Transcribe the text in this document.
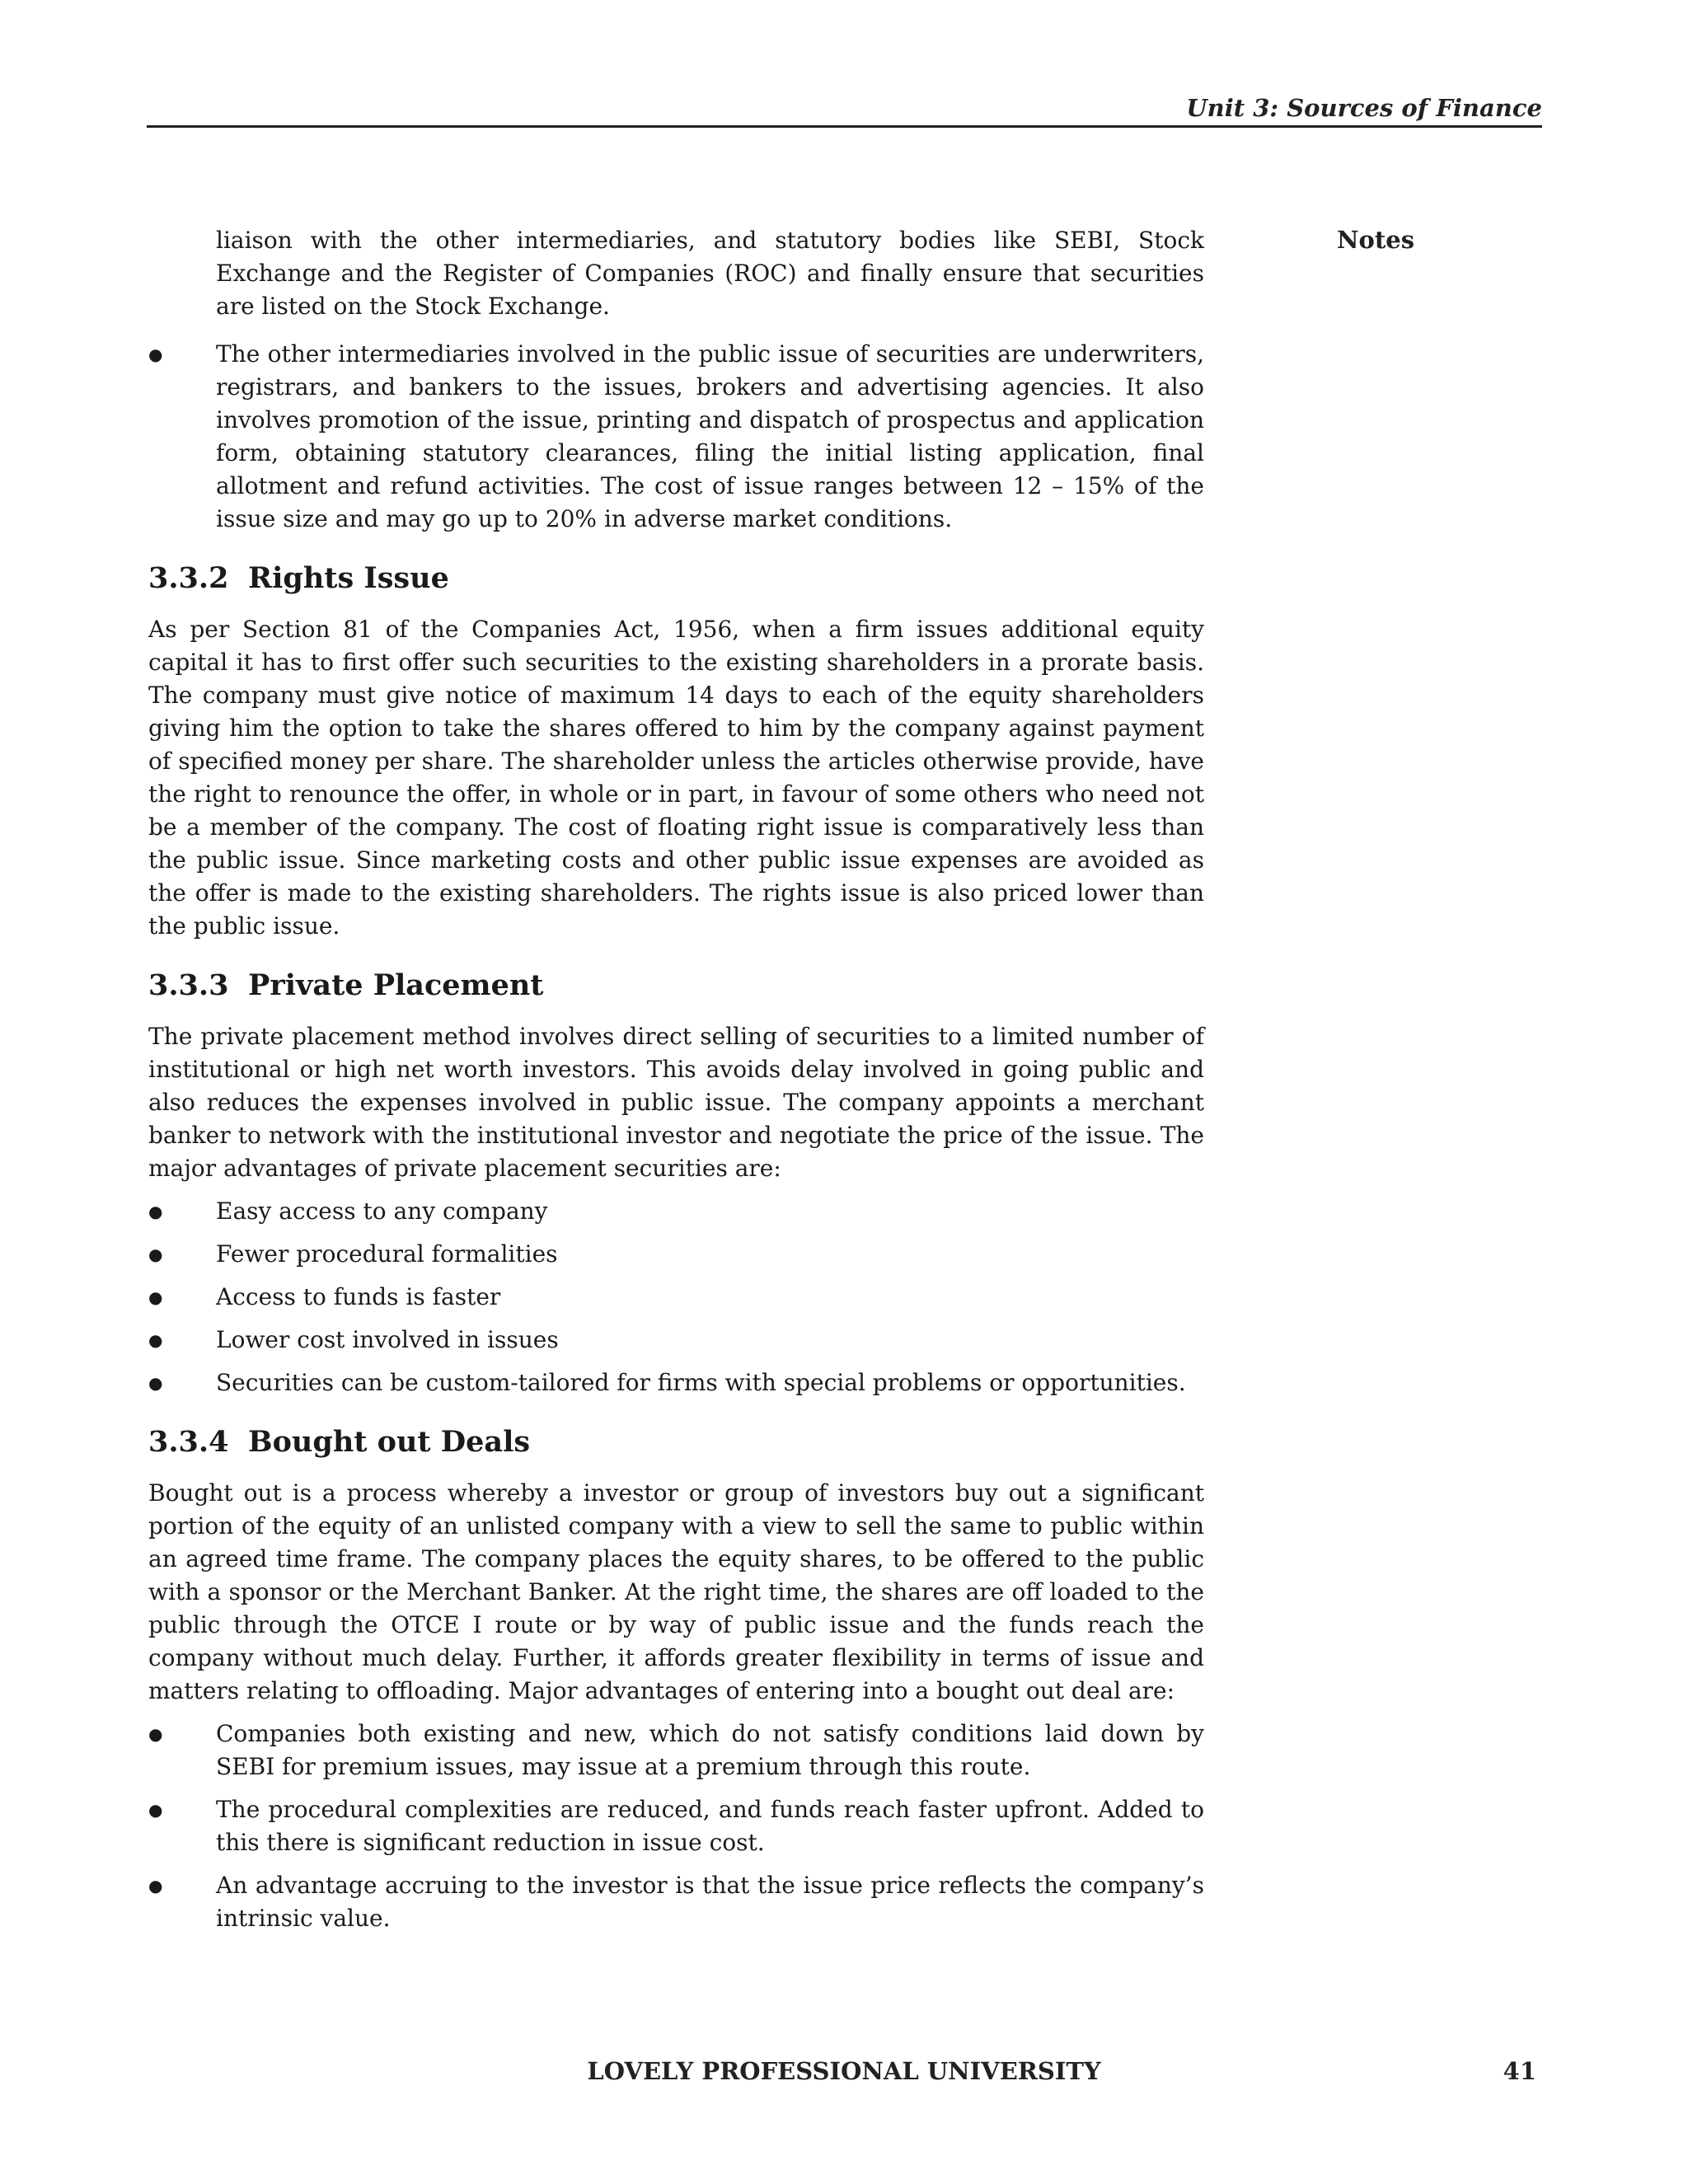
Unit 3: Sources of Finance
Notes

liaison with the other intermediaries, and statutory bodies like SEBI, Stock Exchange and the Register of Companies (ROC) and finally ensure that securities are listed on the Stock Exchange.

● The other intermediaries involved in the public issue of securities are underwriters, registrars, and bankers to the issues, brokers and advertising agencies. It also involves promotion of the issue, printing and dispatch of prospectus and application form, obtaining statutory clearances, filing the initial listing application, final allotment and refund activities. The cost of issue ranges between 12 – 15% of the issue size and may go up to 20% in adverse market conditions.

3.3.2 Rights Issue

As per Section 81 of the Companies Act, 1956, when a firm issues additional equity capital it has to first offer such securities to the existing shareholders in a prorate basis. The company must give notice of maximum 14 days to each of the equity shareholders giving him the option to take the shares offered to him by the company against payment of specified money per share. The shareholder unless the articles otherwise provide, have the right to renounce the offer, in whole or in part, in favour of some others who need not be a member of the company. The cost of floating right issue is comparatively less than the public issue. Since marketing costs and other public issue expenses are avoided as the offer is made to the existing shareholders. The rights issue is also priced lower than the public issue.

3.3.3 Private Placement

The private placement method involves direct selling of securities to a limited number of institutional or high net worth investors. This avoids delay involved in going public and also reduces the expenses involved in public issue. The company appoints a merchant banker to network with the institutional investor and negotiate the price of the issue. The major advantages of private placement securities are:

● Easy access to any company

● Fewer procedural formalities

● Access to funds is faster

● Lower cost involved in issues

● Securities can be custom-tailored for firms with special problems or opportunities.

3.3.4 Bought out Deals

Bought out is a process whereby a investor or group of investors buy out a significant portion of the equity of an unlisted company with a view to sell the same to public within an agreed time frame. The company places the equity shares, to be offered to the public with a sponsor or the Merchant Banker. At the right time, the shares are off loaded to the public through the OTCE I route or by way of public issue and the funds reach the company without much delay. Further, it affords greater flexibility in terms of issue and matters relating to offloading. Major advantages of entering into a bought out deal are:

● Companies both existing and new, which do not satisfy conditions laid down by SEBI for premium issues, may issue at a premium through this route.

● The procedural complexities are reduced, and funds reach faster upfront. Added to this there is significant reduction in issue cost.

● An advantage accruing to the investor is that the issue price reflects the company’s intrinsic value.

LOVELY PROFESSIONAL UNIVERSITY	41
